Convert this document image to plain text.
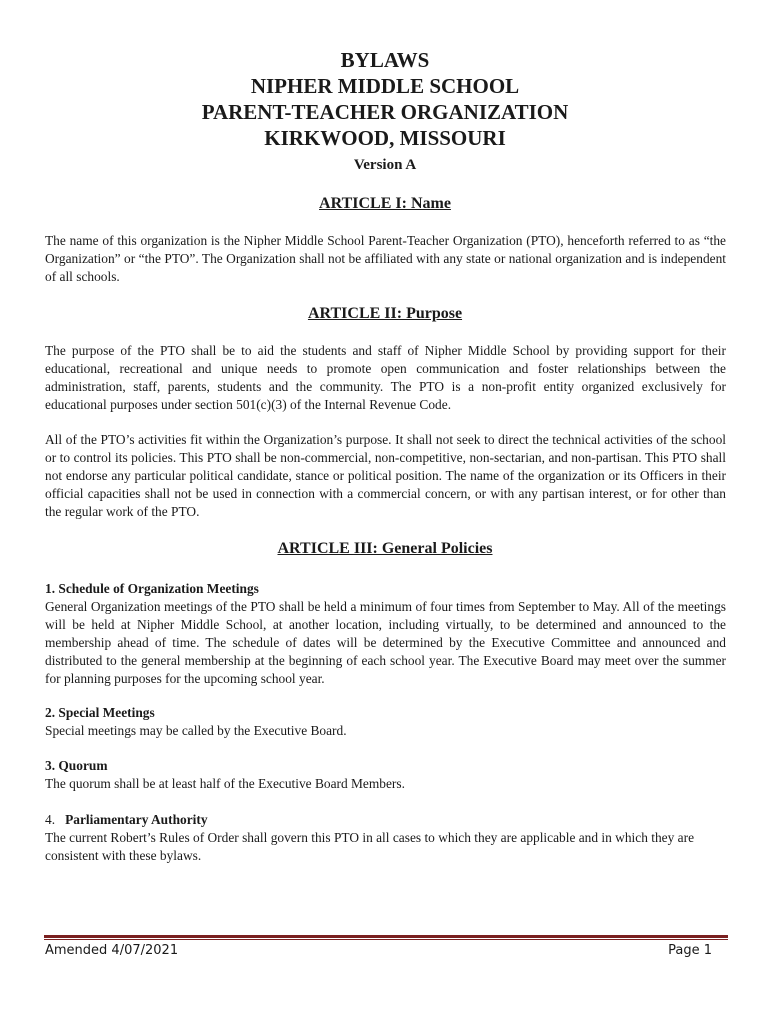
BYLAWS

NIPHER MIDDLE SCHOOL

PARENT-TEACHER ORGANIZATION

KIRKWOOD, MISSOURI

Version A
ARTICLE I: Name

The name of this organization is the Nipher Middle School Parent-Teacher Organization (PTO), henceforth referred to as “the Organization” or “the PTO”. The Organization shall not be affiliated with any state or national organization and is independent of all schools.

ARTICLE II: Purpose

The purpose of the PTO shall be to aid the students and staff of Nipher Middle School by providing support for their educational, recreational and unique needs to promote open communication and foster relationships between the administration, staff, parents, students and the community. The PTO is a non-profit entity organized exclusively for educational purposes under section 501(c)(3) of the Internal Revenue Code.

All of the PTO’s activities fit within the Organization’s purpose. It shall not seek to direct the technical activities of the school or to control its policies. This PTO shall be non-commercial, non-competitive, non-sectarian, and non-partisan. This PTO shall not endorse any particular political candidate, stance or political position. The name of the organization or its Officers in their official capacities shall not be used in connection with a commercial concern, or with any partisan interest, or for other than the regular work of the PTO.

ARTICLE III: General Policies
1. Schedule of Organization Meetings
General Organization meetings of the PTO shall be held a minimum of four times from September to May. All of the meetings will be held at Nipher Middle School, at another location, including virtually, to be determined and announced to the membership ahead of time. The schedule of dates will be determined by the Executive Committee and announced and distributed to the general membership at the beginning of each school year. The Executive Board may meet over the summer for planning purposes for the upcoming school year.
2. Special Meetings
Special meetings may be called by the Executive Board.
3. Quorum
The quorum shall be at least half of the Executive Board Members.
4. Parliamentary Authority
The current Robert’s Rules of Order shall govern this PTO in all cases to which they are applicable and in which they are consistent with these bylaws.
Amended 4/07/2021	Page 1
